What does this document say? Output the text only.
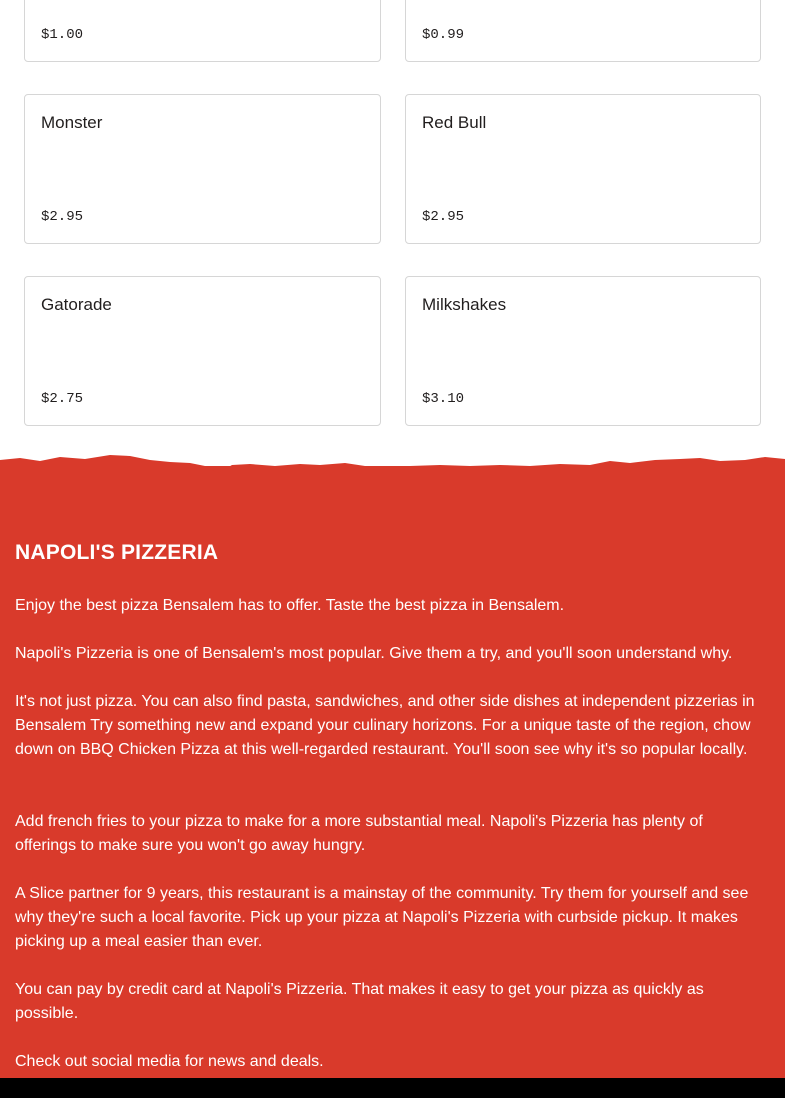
$1.00	$0.99
Monster
$2.95
Red Bull
$2.95
Gatorade
$2.75
Milkshakes
$3.10
NAPOLI'S PIZZERIA

Enjoy the best pizza Bensalem has to offer. Taste the best pizza in Bensalem.

Napoli's Pizzeria is one of Bensalem's most popular. Give them a try, and you'll soon understand why.

It's not just pizza. You can also find pasta, sandwiches, and other side dishes at independent pizzerias in Bensalem Try something new and expand your culinary horizons. For a unique taste of the region, chow down on BBQ Chicken Pizza at this well-regarded restaurant. You'll soon see why it's so popular locally.

Add french fries to your pizza to make for a more substantial meal. Napoli's Pizzeria has plenty of offerings to make sure you won't go away hungry.

A Slice partner for 9 years, this restaurant is a mainstay of the community. Try them for yourself and see why they're such a local favorite. Pick up your pizza at Napoli's Pizzeria with curbside pickup. It makes picking up a meal easier than ever.

You can pay by credit card at Napoli's Pizzeria. That makes it easy to get your pizza as quickly as possible.

Check out social media for news and deals.
